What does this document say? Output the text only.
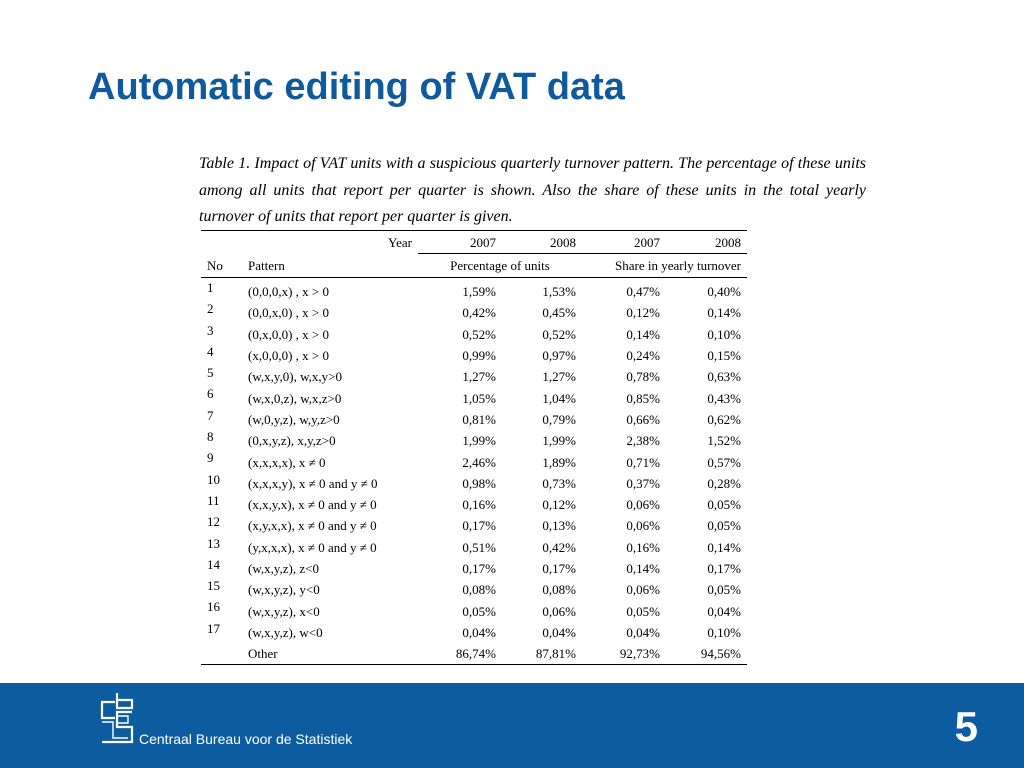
Automatic editing of VAT data

Table 1. Impact of VAT units with a suspicious quarterly turnover pattern. The percentage of these units among all units that report per quarter is shown. Also the share of these units in the total yearly turnover of units that report per quarter is given.

	Year	2007	2008	2007	2008
No	Pattern	Percentage of units		Share in yearly turnover	
1	(0,0,0,x) , x > 0	1,59%	1,53%	0,47%	0,40%
2	(0,0,x,0) , x > 0	0,42%	0,45%	0,12%	0,14%
3	(0,x,0,0) , x > 0	0,52%	0,52%	0,14%	0,10%
4	(x,0,0,0) , x > 0	0,99%	0,97%	0,24%	0,15%
5	(w,x,y,0), w,x,y>0	1,27%	1,27%	0,78%	0,63%
6	(w,x,0,z), w,x,z>0	1,05%	1,04%	0,85%	0,43%
7	(w,0,y,z), w,y,z>0	0,81%	0,79%	0,66%	0,62%
8	(0,x,y,z), x,y,z>0	1,99%	1,99%	2,38%	1,52%
9	(x,x,x,x), x ≠ 0	2,46%	1,89%	0,71%	0,57%
10	(x,x,x,y), x ≠ 0 and y ≠ 0	0,98%	0,73%	0,37%	0,28%
11	(x,x,y,x), x ≠ 0 and y ≠ 0	0,16%	0,12%	0,06%	0,05%
12	(x,y,x,x), x ≠ 0 and y ≠ 0	0,17%	0,13%	0,06%	0,05%
13	(y,x,x,x), x ≠ 0 and y ≠ 0	0,51%	0,42%	0,16%	0,14%
14	(w,x,y,z), z<0	0,17%	0,17%	0,14%	0,17%
15	(w,x,y,z), y<0	0,08%	0,08%	0,06%	0,05%
16	(w,x,y,z), x<0	0,05%	0,06%	0,05%	0,04%
17	(w,x,y,z), w<0	0,04%	0,04%	0,04%	0,10%
	Other	86,74%	87,81%	92,73%	94,56%
Centraal Bureau voor de Statistiek	5
